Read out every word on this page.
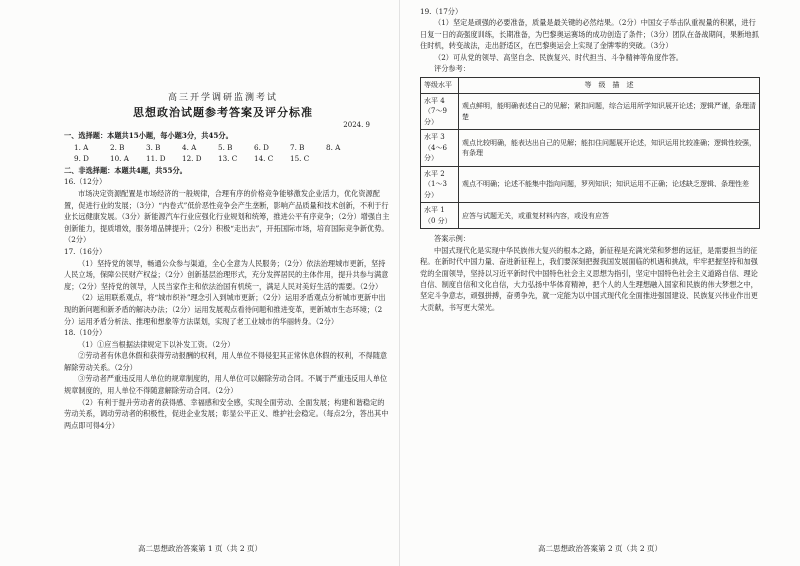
高三开学调研监测考试
思想政治试题参考答案及评分标准
2024. 9

一、选择题：本题共15小题，每小题3分，共45分。

1. A	2. B	3. B	4. A	5. B	6. D	7. B	8. A
9. D	10. A	11. D	12. D	13. C	14. C	15. C

二、非选择题：本题共4题，共55分。

16.（12分）

市场决定资源配置是市场经济的一般规律，合理有序的价格竞争能够激发企业活力，优化资源配置，促进行业的发展；（3分）“内卷式”低价恶性竞争会产生垄断，影响产品质量和技术创新，不利于行业长远健康发展。（3分）新能源汽车行业应强化行业规划和统筹，推进公平有序竞争；（2分）增强自主创新能力，提质增效，服务增品牌提升；（2分）积极“走出去”，开拓国际市场，培育国际竞争新优势。（2分）

17.（16分）

（1）坚持党的领导，畅通公众参与渠道，全心全意为人民服务；（2分）依法治理城市更新，坚持人民立场，保障公民财产权益；（2分）创新基层治理形式，充分发挥居民的主体作用，提升共参与满意度；（2分）坚持党的领导，人民当家作主和依法治国有机统一，满足人民对美好生活的需要。（2分）

（2）运用联系观点，将“城市织补”理念引入到城市更新；（2分）运用矛盾观点分析城市更新中出现的新问题和新矛盾的解决办法；（2分）运用发展观点看待问题和推进变革，更新城市生态环境；（2分）运用矛盾分析法、推理和想象等方法谋划，实现了老工业城市的华丽转身。（2分）

18.（10分）

（1）①应当根据法律规定下以补发工资。（2分）

②劳动者有休息休假和获得劳动报酬的权利，用人单位不得侵犯其正常休息休假的权利，不得随意解除劳动关系。（2分）

③劳动者严重违反用人单位的规章制度的，用人单位可以解除劳动合同。不属于严重违反用人单位规章制度的，用人单位不得随意解除劳动合同。（2分）

（2）有利于提升劳动者的获得感、幸福感和安全感，实现全面劳动、全面发展；构建和谐稳定的劳动关系，调动劳动者的积极性，促进企业发展；彰显公平正义、维护社会稳定。（每点2分，答出其中两点即可得4分）

高二思想政治答案第 1 页（共 2 页）

19.（17分）

（1）坚定是顽强的必要准备，质量是最关键的必然结果。（2分）中国女子举击队重视量的积累，进行日复一日的高强度训练，长期准备，为巴黎奥运赛场的成功创造了条件；（3分）团队在备战期间，果断地抓住时机，转变战法，走出舒适区，在巴黎奥运会上实现了金牌零的突破。（3分）

（2）可从党的领导、高坚自念、民族复兴、时代担当、斗争精神等角度作答。

评分参考：

等级水平	等　级　描　述

水平 4
（7～9 分）	观点鲜明，能明确表述自己的见解；紧扣问题，综合运用所学知识展开论述；逻辑严谨，条理清楚

水平 3
（4～6 分）	观点比较明确，能表达出自己的见解；能扣住问题展开论述，知识运用比较准确；逻辑性较强，有条理

水平 2
（1～3 分）	观点不明确；论述不能集中指向问题，罗列知识；知识运用不正确；论述缺乏逻辑、条理性差

水平 1
（0 分）	应答与试题无关，或重复材料内容，或没有应答

答案示例：

中国式现代化是实现中华民族伟大复兴的根本之路，新征程是充满光荣和梦想的远征，是需要担当的征程。在新时代中国力量、奋进新征程上，我们要深刻把握我国发展面临的机遇和挑战，牢牢把握坚持和加强党的全面领导，坚持以习近平新时代中国特色社会主义思想为指引，坚定中国特色社会主义道路自信、理论自信、制度自信和文化自信，大力弘扬中华体育精神，把个人的人生理想融入国家和民族的伟大梦想之中，坚定斗争意志，顽强拼搏，奋勇争先，就一定能为以中国式现代化全面推进强国建设、民族复兴伟业作出更大贡献，书写更大荣光。

高二思想政治答案第 2 页（共 2 页）
